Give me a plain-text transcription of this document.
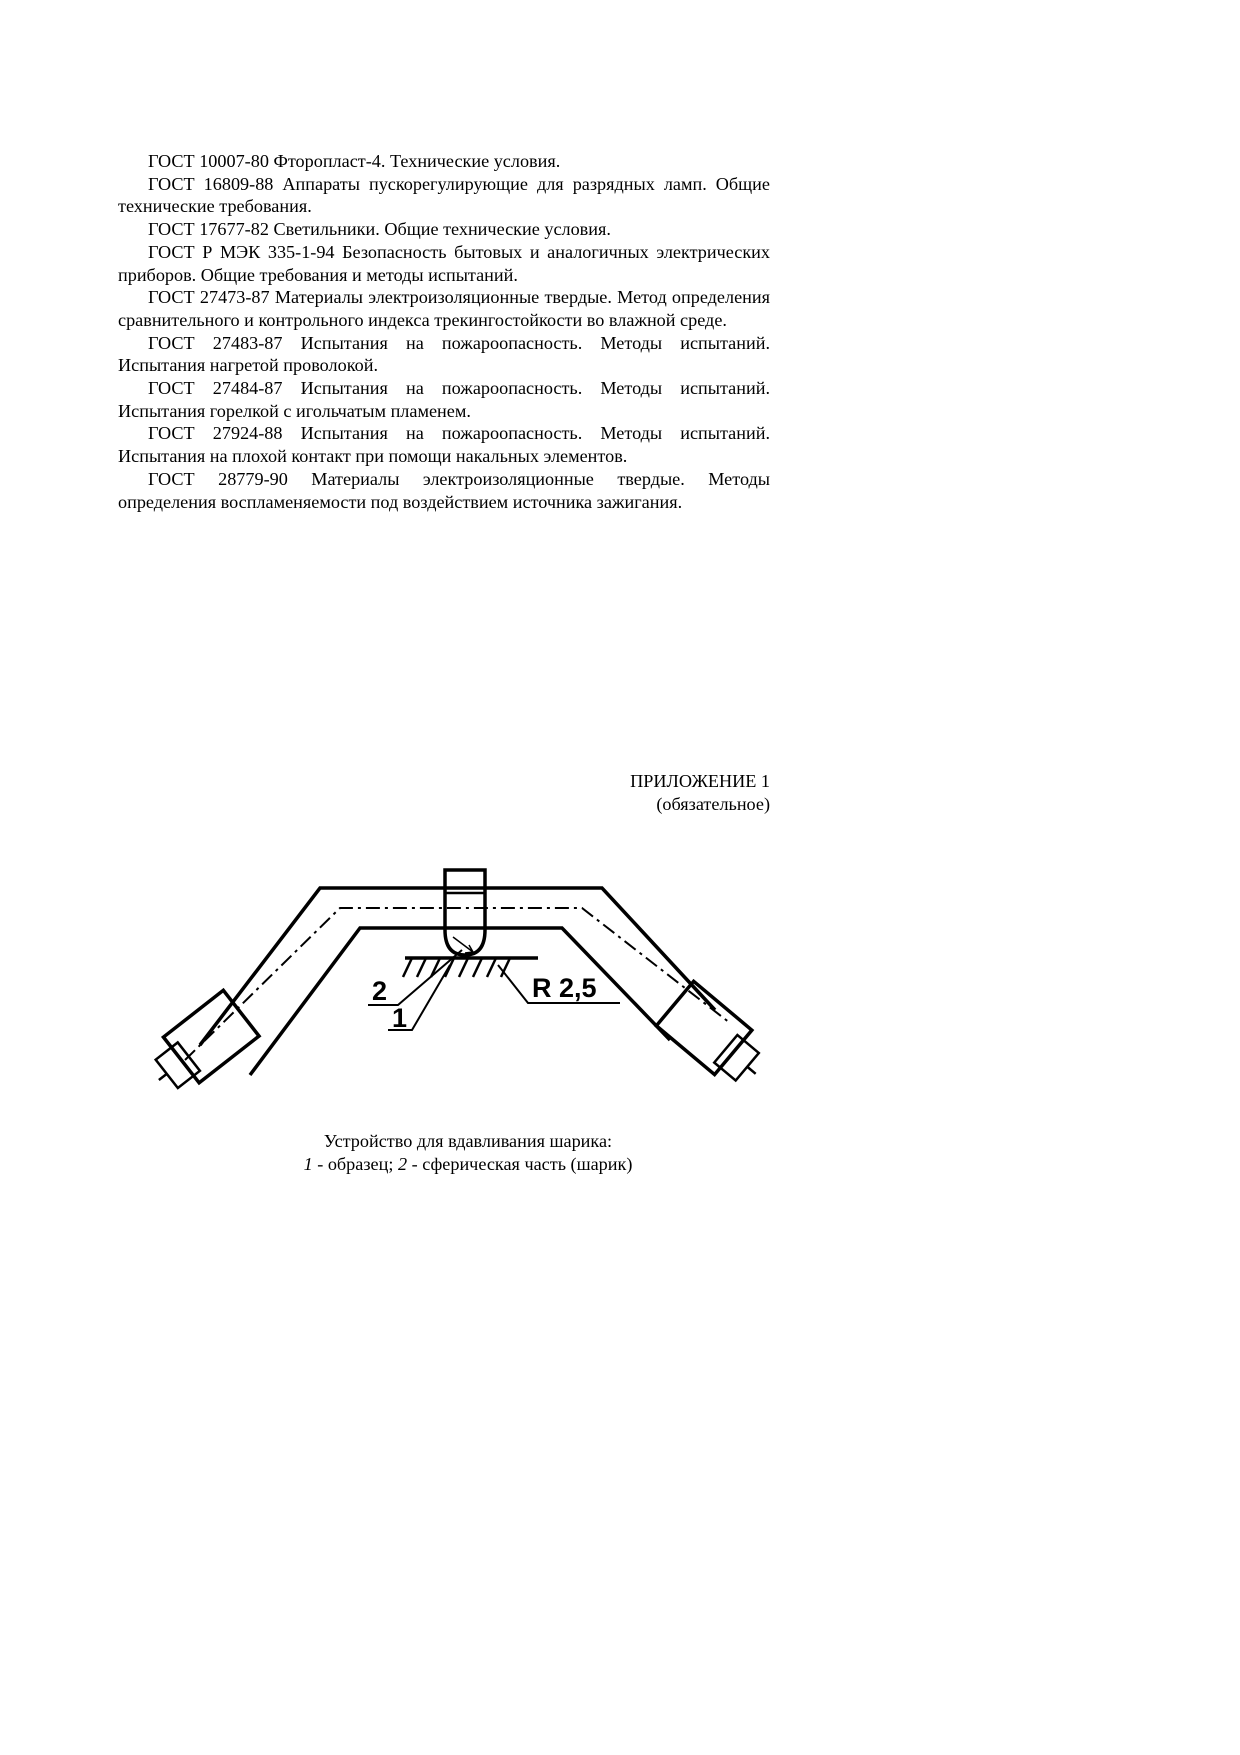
ГОСТ 10007-80 Фторопласт-4. Технические условия.

ГОСТ 16809-88 Аппараты пускорегулирующие для разрядных ламп. Общие технические требования.

ГОСТ 17677-82 Светильники. Общие технические условия.

ГОСТ Р МЭК 335-1-94 Безопасность бытовых и аналогичных электрических приборов. Общие требования и методы испытаний.

ГОСТ 27473-87 Материалы электроизоляционные твердые. Метод определения сравнительного и контрольного индекса трекингостойкости во влажной среде.

ГОСТ 27483-87 Испытания на пожароопасность. Методы испытаний. Испытания нагретой проволокой.

ГОСТ 27484-87 Испытания на пожароопасность. Методы испытаний. Испытания горелкой с игольчатым пламенем.

ГОСТ 27924-88 Испытания на пожароопасность. Методы испытаний. Испытания на плохой контакт при помощи накальных элементов.

ГОСТ 28779-90 Материалы электроизоляционные твердые. Методы определения воспламеняемости под воздействием источника зажигания.

ПРИЛОЖЕНИЕ 1
(обязательное)
2
1
R 2,5
Устройство для вдавливания шарика:
1 - образец; 2 - сферическая часть (шарик)
